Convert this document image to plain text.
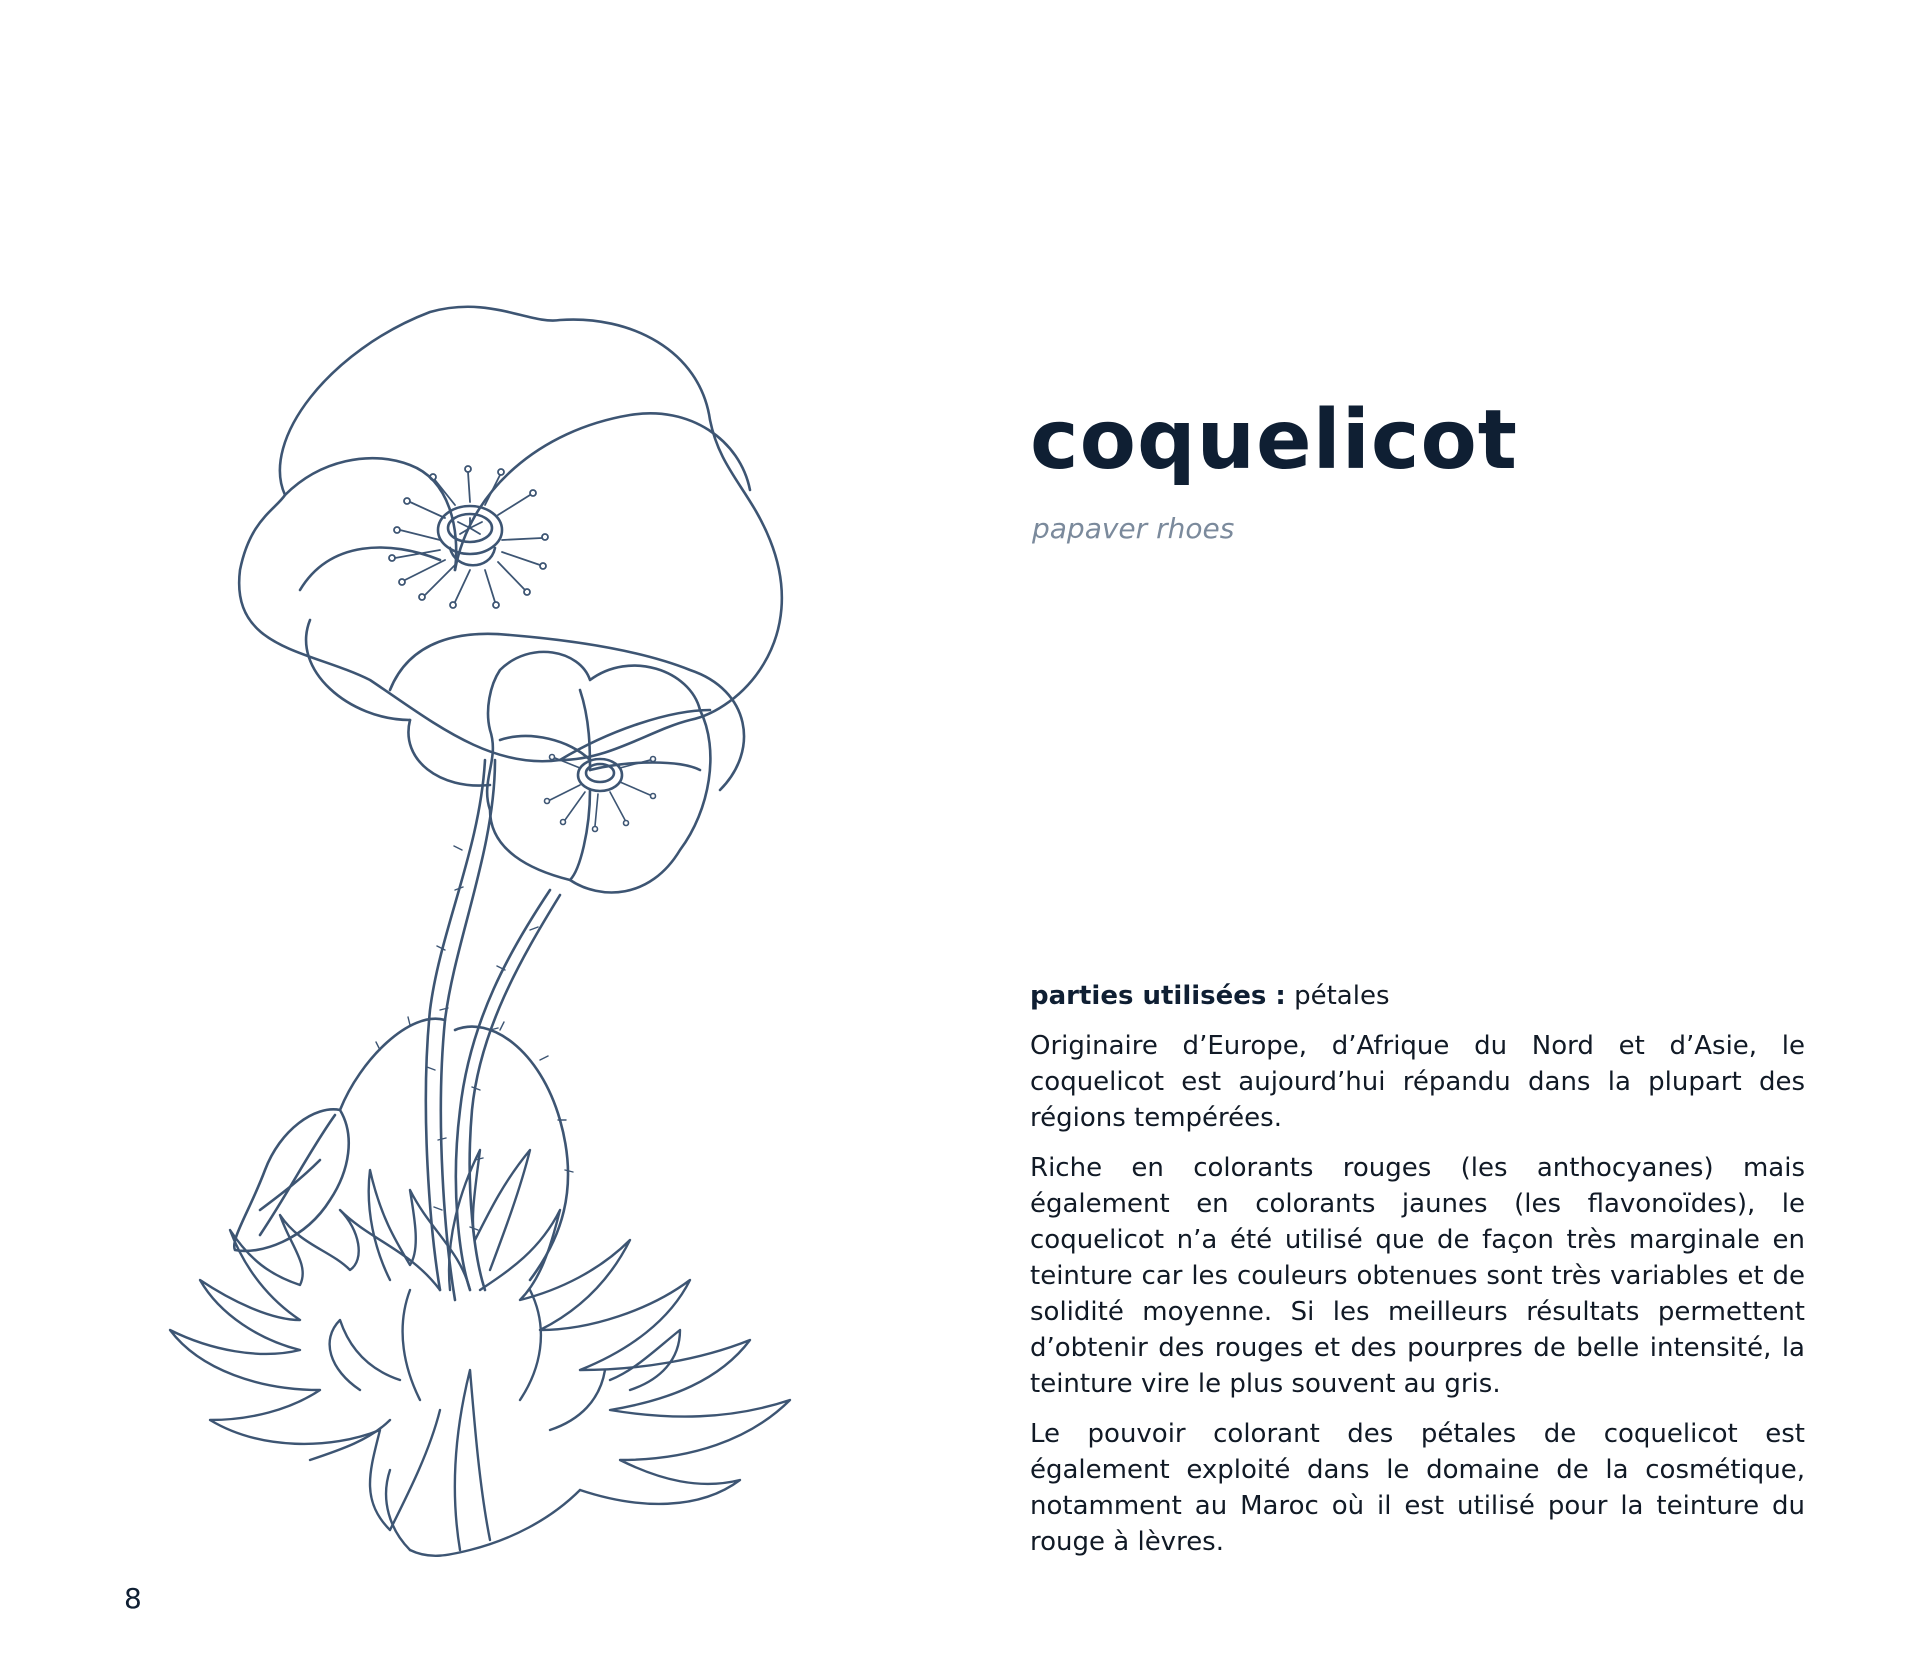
coquelicot
papaver rhoes

parties utilisées : pétales

Originaire d’Europe, d’Afrique du Nord et d’Asie, le coquelicot est aujourd’hui répandu dans la plupart des régions tempérées.

Riche en colorants rouges (les anthocyanes) mais également en colorants jaunes (les flavonoïdes), le coquelicot n’a été utilisé que de façon très marginale en teinture car les couleurs obtenues sont très variables et de solidité moyenne. Si les meilleurs résultats permettent d’obtenir des rouges et des pourpres de belle intensité, la teinture vire le plus souvent au gris.

Le pouvoir colorant des pétales de coquelicot est également exploité dans le domaine de la cosmétique, notamment au Maroc où il est utilisé pour la teinture du rouge à lèvres.

8
